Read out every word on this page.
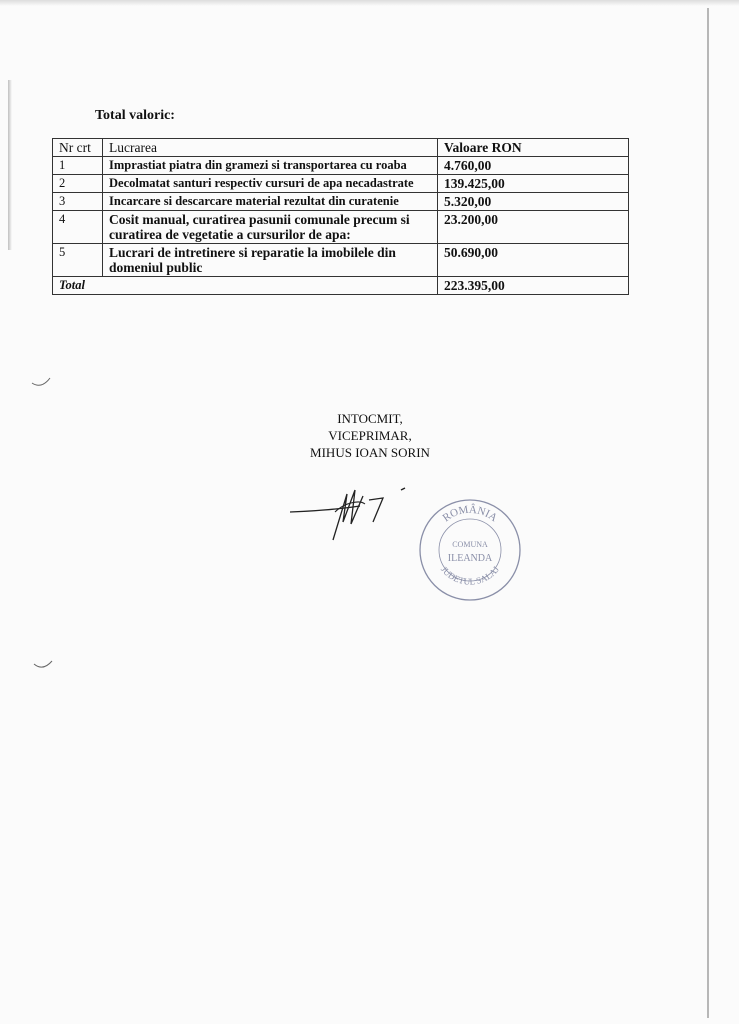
Total valoric:
Nr crt	Lucrarea	Valoare RON
1	Imprastiat piatra din gramezi si transportarea cu roaba	4.760,00
2	Decolmatat santuri respectiv cursuri de apa necadastrate	139.425,00
3	Incarcare si descarcare material rezultat din curatenie	5.320,00
4	Cosit manual, curatirea pasunii comunale precum si curatirea de vegetatie a cursurilor de apa:	23.200,00
5	Lucrari de intretinere si reparatie la imobilele din domeniul public	50.690,00
Total		223.395,00
INTOCMIT,
VICEPRIMAR,
MIHUS IOAN SORIN
ROMÂNIA
JUDETUL SALAJ
COMUNA
ILEANDA
